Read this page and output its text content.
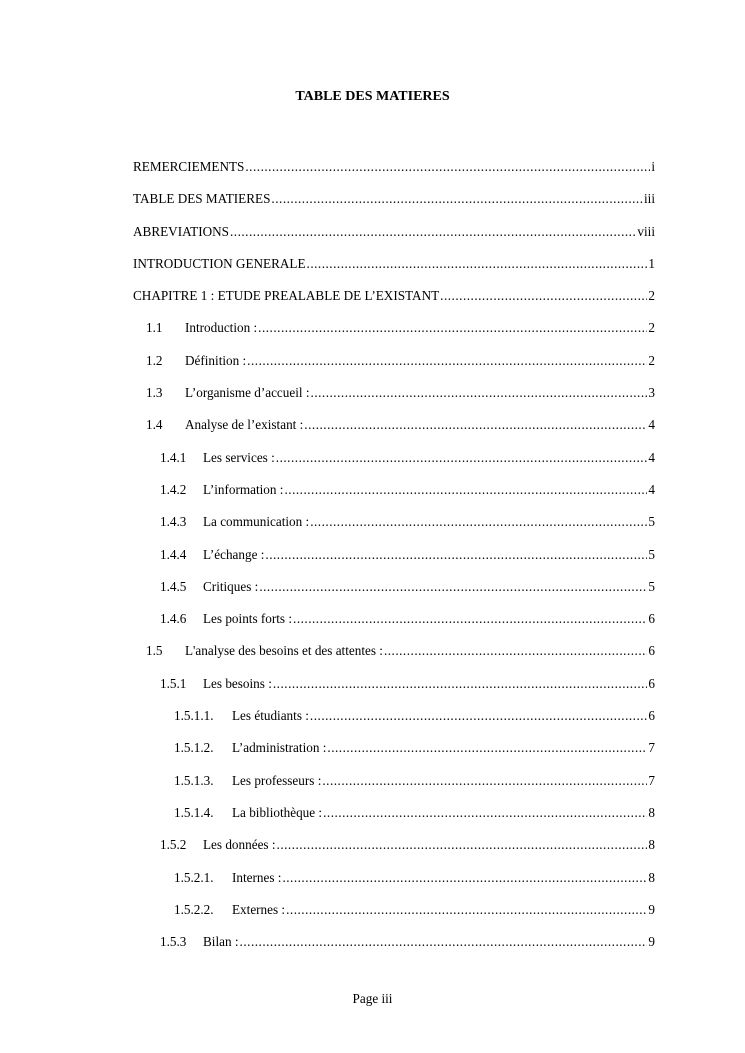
TABLE DES MATIERES
REMERCIEMENTS .....	i
TABLE DES MATIERES .....	iii
ABREVIATIONS .....	viii
INTRODUCTION GENERALE .....	1
CHAPITRE 1 : ETUDE PREALABLE DE L’EXISTANT .....	2
1.1	Introduction : .....	2
1.2	Définition : .....	2
1.3	L’organisme d’accueil : .....	3
1.4	Analyse de l’existant : .....	4
1.4.1	Les services : .....	4
1.4.2	L’information : .....	4
1.4.3	La communication : .....	5
1.4.4	L’échange : .....	5
1.4.5	Critiques : .....	5
1.4.6	Les points forts : .....	6
1.5	L'analyse des besoins et des attentes : .....	6
1.5.1	Les besoins : .....	6
1.5.1.1.	Les étudiants : .....	6
1.5.1.2.	L’administration : .....	7
1.5.1.3.	Les professeurs : .....	7
1.5.1.4.	La bibliothèque : .....	8
1.5.2	Les données : .....	8
1.5.2.1.	Internes : .....	8
1.5.2.2.	Externes : .....	9
1.5.3	Bilan : .....	9
Page iii
